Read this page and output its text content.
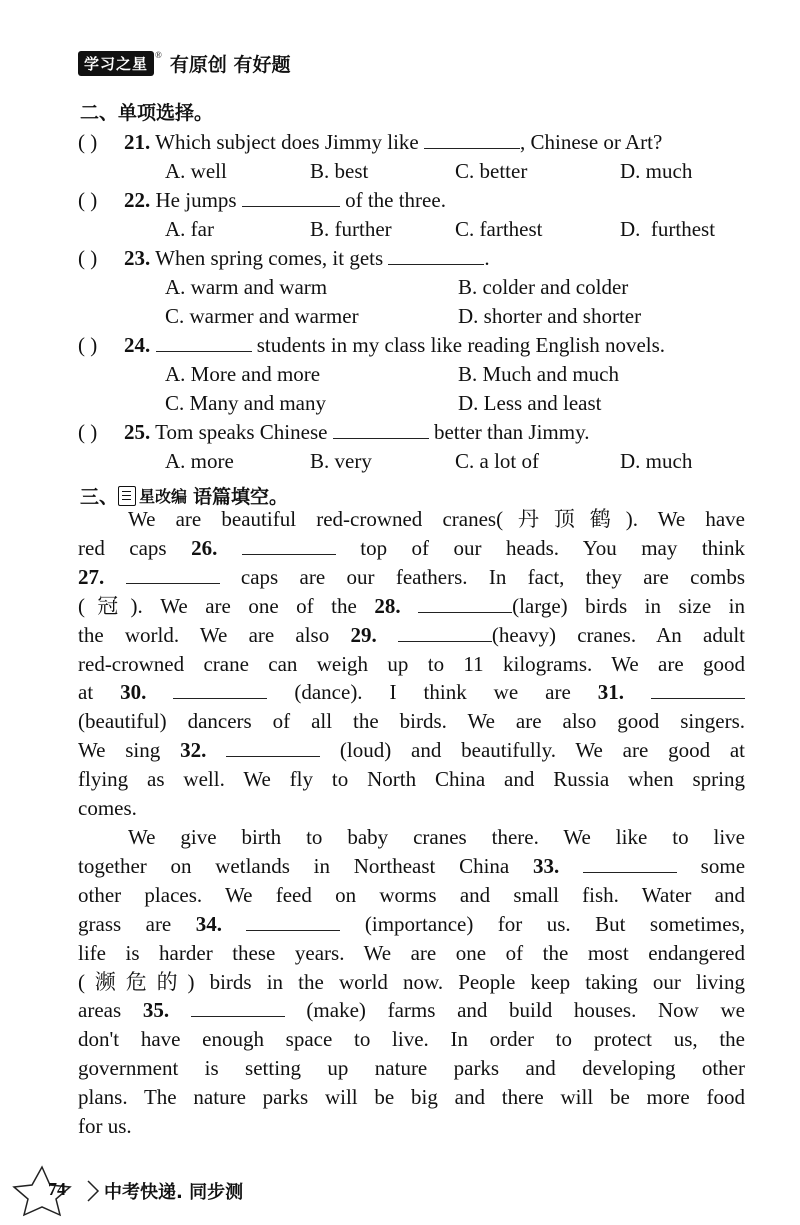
学习之星 ® 有原创 有好题
二、单项选择。
( ) 21. Which subject does Jimmy like	, Chinese or Art?
A. well	B. best	C. better	D. much
( ) 22. He jumps	of the three.
A. far	B. further	C. farthest	D.  furthest
( ) 23. When spring comes, it gets	.
A. warm and warm	B. colder and colder
C. warmer and warmer	D. shorter and shorter
( ) 24.	students in my class like reading English novels.
A. More and more	B. Much and much
C. Many and many	D. Less and least
( ) 25. Tom speaks Chinese	better than Jimmy.
A. more	B. very	C. a lot of	D. much
三、 星改编 语篇填空。
We are beautiful red-crowned cranes(丹顶鹤). We have
red caps 26.	top of our heads. You may think
27.	caps are our feathers. In fact, they are combs
(冠). We are one of the 28.	(large) birds in size in
the world. We are also 29.	(heavy) cranes. An adult
red-crowned crane can weigh up to 11 kilograms. We are good
at 30.	(dance). I think we are 31.
(beautiful) dancers of all the birds. We are also good singers.
We sing 32.	(loud) and beautifully. We are good at
flying as well. We fly to North China and Russia when spring
comes.
We give birth to baby cranes there. We like to live
together on wetlands in Northeast China 33.	some
other places. We feed on worms and small fish. Water and
grass are 34.	(importance) for us. But sometimes,
life is harder these years. We are one of the most endangered
(濒危的) birds in the world now. People keep taking our living
areas 35.	(make) farms and build houses. Now we
don't have enough space to live. In order to protect us, the
government is setting up nature parks and developing other
plans. The nature parks will be big and there will be more food
for us.
74 中考快递. 同步测
